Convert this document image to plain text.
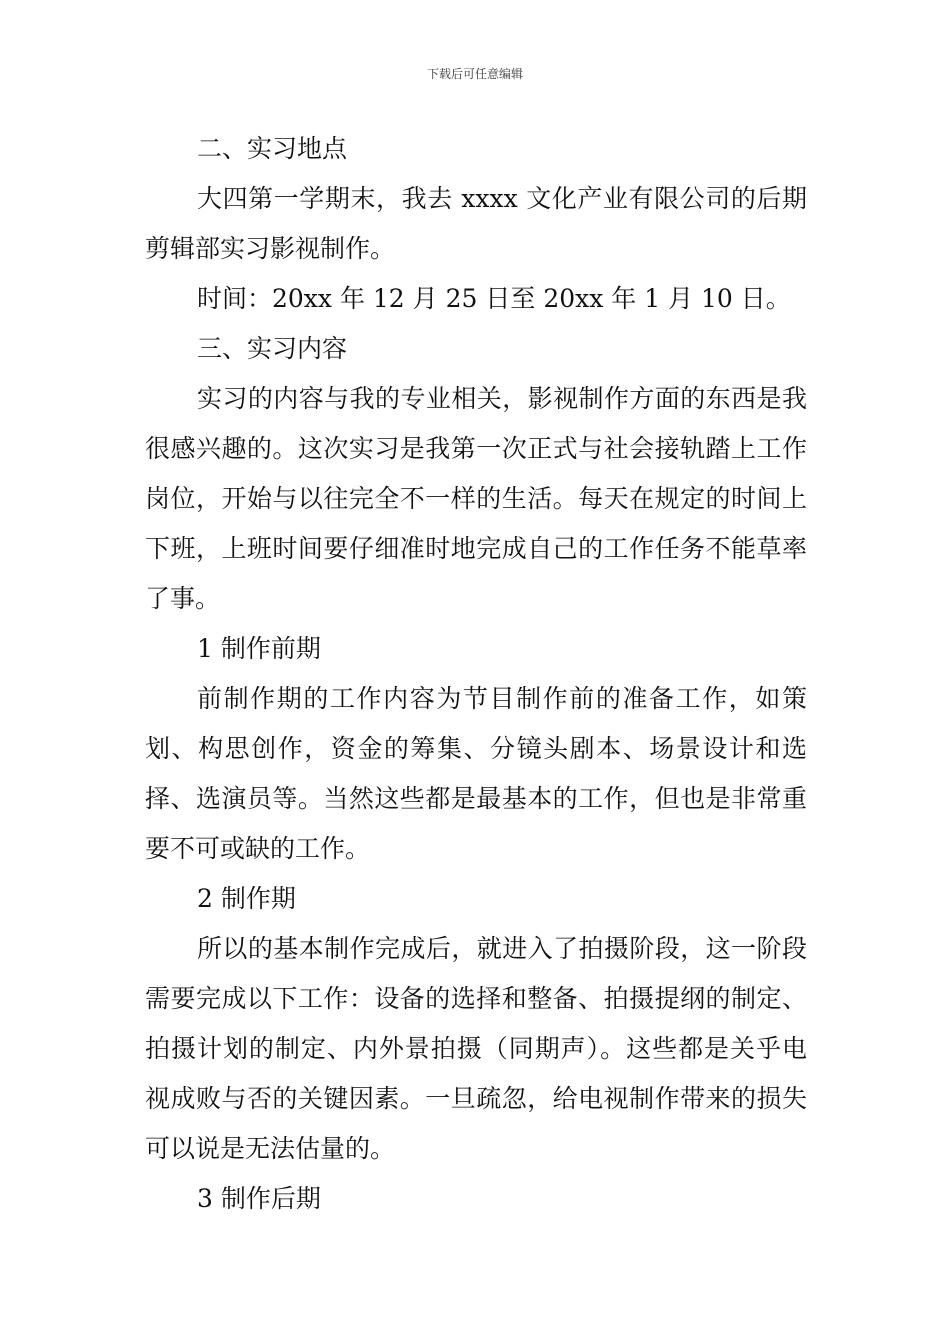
下载后可任意编辑

二、实习地点

大四第一学期末，我去 xxxx 文化产业有限公司的后期剪辑部实习影视制作。

时间：20xx 年 12 月 25 日至 20xx 年 1 月 10 日。

三、实习内容

实习的内容与我的专业相关，影视制作方面的东西是我很感兴趣的。这次实习是我第一次正式与社会接轨踏上工作岗位，开始与以往完全不一样的生活。每天在规定的时间上下班，上班时间要仔细准时地完成自己的工作任务不能草率了事。

1 制作前期

前制作期的工作内容为节目制作前的准备工作，如策划、构思创作，资金的筹集、分镜头剧本、场景设计和选择、选演员等。当然这些都是最基本的工作，但也是非常重要不可或缺的工作。

2 制作期

所以的基本制作完成后，就进入了拍摄阶段，这一阶段需要完成以下工作：设备的选择和整备、拍摄提纲的制定、拍摄计划的制定、内外景拍摄（同期声）。这些都是关乎电视成败与否的关键因素。一旦疏忽，给电视制作带来的损失可以说是无法估量的。

3 制作后期
